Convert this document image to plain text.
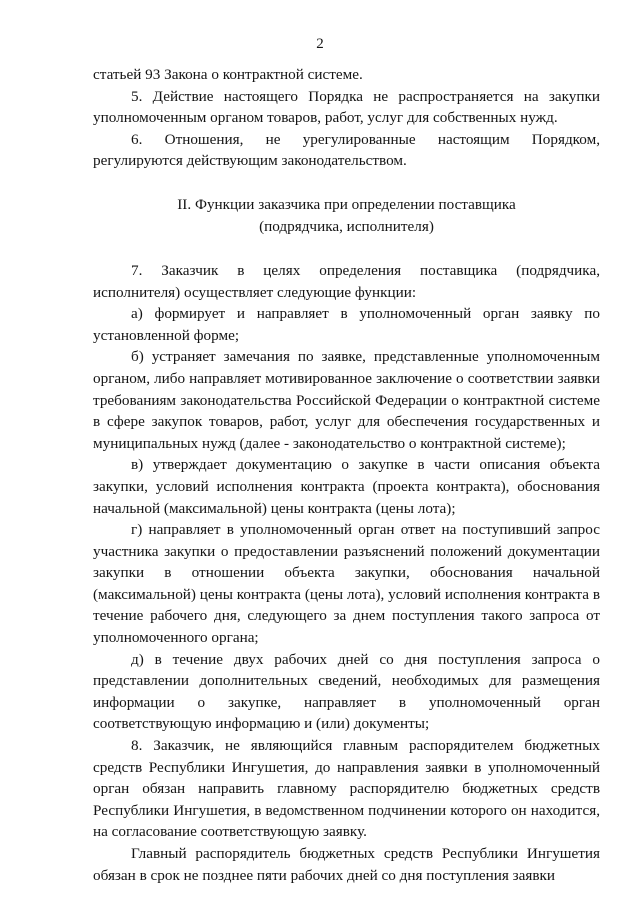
2

статьей 93 Закона о контрактной системе.

5. Действие настоящего Порядка не распространяется на закупки уполномоченным органом товаров, работ, услуг для собственных нужд.

6. Отношения, не урегулированные настоящим Порядком, регулируются действующим законодательством.

II. Функции заказчика при определении поставщика
(подрядчика, исполнителя)

7. Заказчик в целях определения поставщика (подрядчика, исполнителя) осуществляет следующие функции:

а) формирует и направляет в уполномоченный орган заявку по установленной форме;

б) устраняет замечания по заявке, представленные уполномоченным органом, либо направляет мотивированное заключение о соответствии заявки требованиям законодательства Российской Федерации о контрактной системе в сфере закупок товаров, работ, услуг для обеспечения государственных и муниципальных нужд (далее - законодательство о контрактной системе);

в) утверждает документацию о закупке в части описания объекта закупки, условий исполнения контракта (проекта контракта), обоснования начальной (максимальной) цены контракта (цены лота);

г) направляет в уполномоченный орган ответ на поступивший запрос участника закупки о предоставлении разъяснений положений документации закупки в отношении объекта закупки, обоснования начальной (максимальной) цены контракта (цены лота), условий исполнения контракта в течение рабочего дня, следующего за днем поступления такого запроса от уполномоченного органа;

д) в течение двух рабочих дней со дня поступления запроса о представлении дополнительных сведений, необходимых для размещения информации о закупке, направляет в уполномоченный орган соответствующую информацию и (или) документы;

8. Заказчик, не являющийся главным распорядителем бюджетных средств Республики Ингушетия, до направления заявки в уполномоченный орган обязан направить главному распорядителю бюджетных средств Республики Ингушетия, в ведомственном подчинении которого он находится, на согласование соответствующую заявку.

Главный распорядитель бюджетных средств Республики Ингушетия обязан в срок не позднее пяти рабочих дней со дня поступления заявки
